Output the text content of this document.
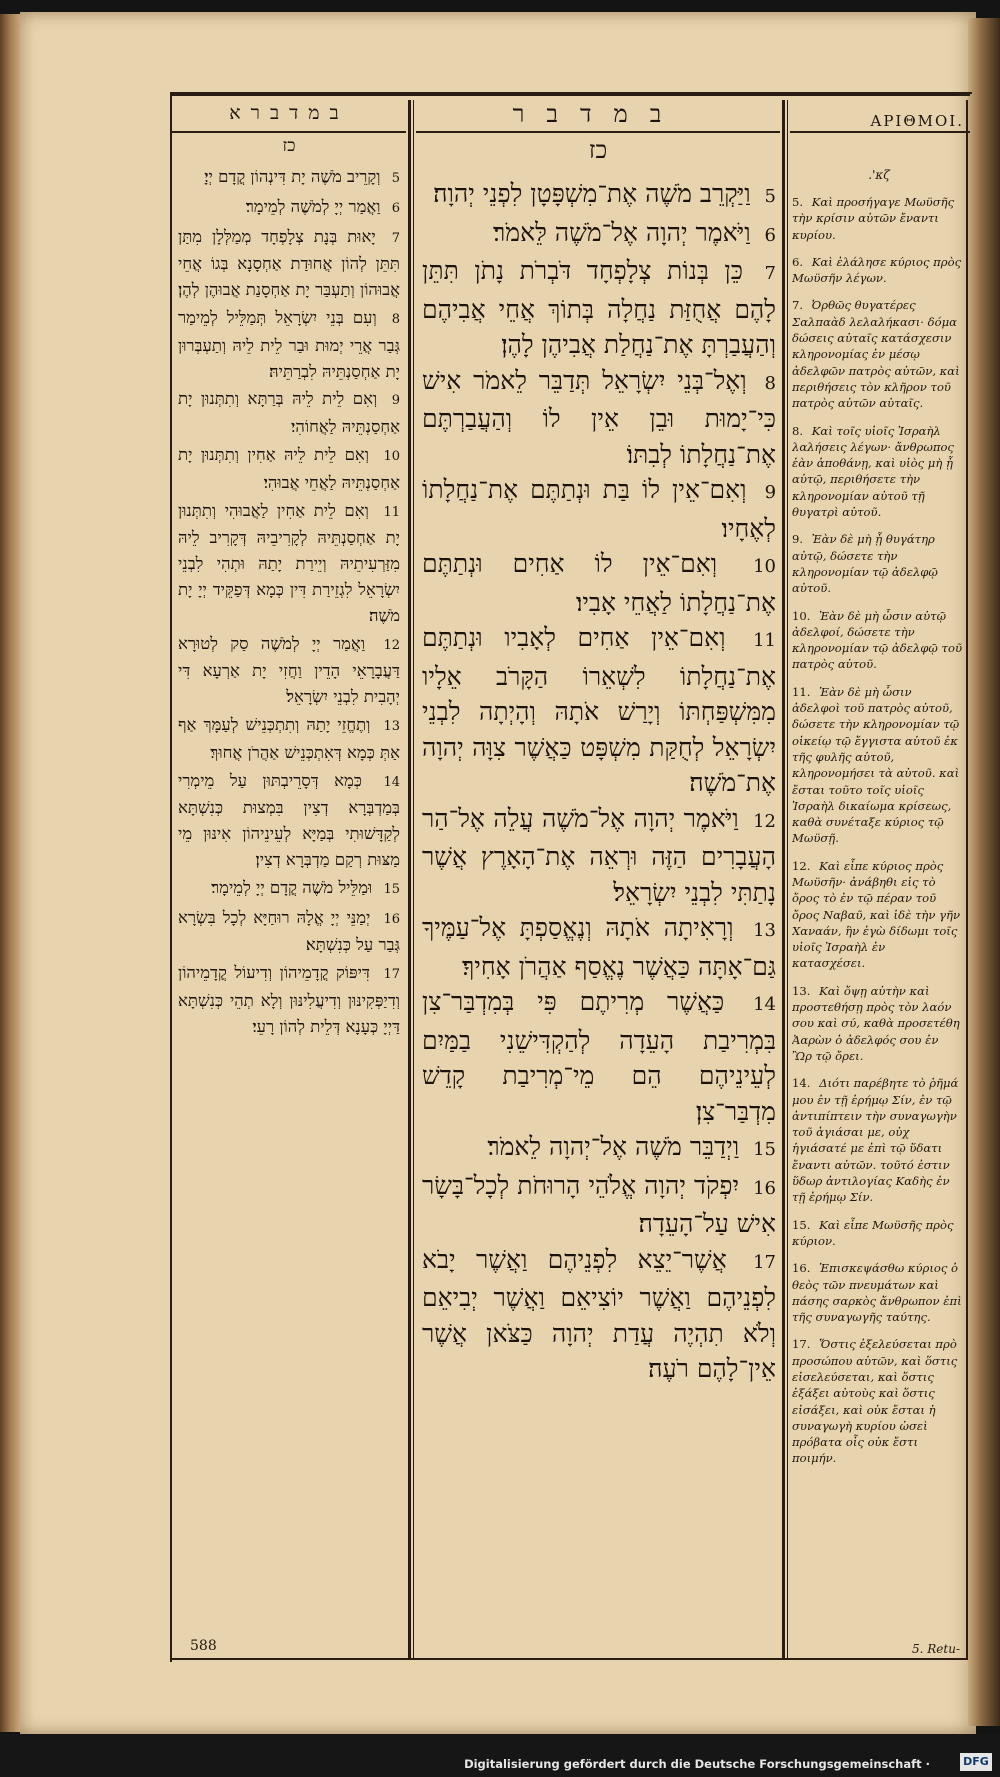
במדברא	במדבר	ΑΡΙΘΜΟΙ.
כז	כז
κζ'.

5 וְקָרֵיב מֹשֶׁה יָת דִּינְהוֹן קֳדָם יְיָ׃

6 וַאֲמַר יְיָ לְמֹשֶׁה לְמֵימָר׃

7 יָאוּת בְּנָת צְלָפְחָד מְמַלְּלָן מִתַּן תִּתֵּן לְהוֹן אֲחוּדַת אַחְסָנָא בְּגוֹ אֲחֵי אֲבוּהוֹן וְתַעְבַּר יָת אַחְסָנַת אֲבוּהֶן לְהֶן׃

8 וְעִם בְּנֵי יִשְׂרָאֵל תְּמַלֵּיל לְמֵימַר גְּבַר אֲרֵי יְמוּת וּבַר לֵית לֵיהּ וְתַעְבְּרוּן יָת אַחְסַנְתֵּיהּ לִבְרַתֵּיהּ׃

9 וְאִם לֵית לֵיהּ בְּרַתָּא וְתִתְּנוּן יָת אַחְסַנְתֵּיהּ לַאֲחוֹהִי׃

10 וְאִם לֵית לֵיהּ אַחִין וְתִתְּנוּן יָת אַחְסַנְתֵּיהּ לַאֲחֵי אֲבוּהִי׃

11 וְאִם לֵית אַחִין לַאֲבוּהִי וְתִתְּנוּן יָת אַחְסַנְתֵּיהּ לְקָרִיבֵיהּ דְּקָרִיב לֵיהּ מִזַּרְעִיתֵיהּ וְיֵירַת יָתַהּ וּתְהִי לִבְנֵי יִשְׂרָאֵל לִגְזֵירַת דִּין כְּמָא דְּפַקֵּיד יְיָ יָת מֹשֶׁה׃

12 וַאֲמַר יְיָ לְמֹשֶׁה סַק לְטוּרָא דַּעֲבָרָאֵי הָדֵין וַחֲזִי יָת אַרְעָא דִּי יְהָבִית לִבְנֵי יִשְׂרָאֵל׃

13 וְתֶחֱזֵי יָתַהּ וְתִתְכְּנֵישׁ לְעַמָּךְ אַף אַתְּ כְּמָא דְּאִתְכְּנֵישׁ אַהֲרֹן אֲחוּךְ׃

14 כְּמָא דְּסָרֵיבְתּוּן עַל מֵימְרִי בְּמַדְבְּרָא דְצִין בִּמְצוּת כְּנִשְׁתָּא לְקַדָּשׁוּתִי בְּמַיָּא לְעֵינֵיהוֹן אִינּוּן מֵי מַצּוּת רְקַם מַדְבְּרָא דְצִין׃

15 וּמַלֵּיל מֹשֶׁה קֳדָם יְיָ לְמֵימָר׃

16 יְמַנֵּי יְיָ אֱלָהּ רוּחַיָּא לְכָל בִּשְׂרָא גְּבַר עַל כְּנִשְׁתָּא׃

17 דִּיפּוֹק קֳדָמֵיהוֹן וְדִיעוֹל קֳדָמֵיהוֹן וְדִיַפְּקִינּוּן וְדִיעֲלִינּוּן וְלָא תְהֵי כְּנִשְׁתָּא דַּיְיָ כְּעָנָא דְּלֵית לְהוֹן רָעֵי׃

5 וַיַּקְרֵב מֹשֶׁה אֶת־מִשְׁפָּטָן לִפְנֵי יְהוָה׃

6 וַיֹּאמֶר יְהוָה אֶל־מֹשֶׁה לֵּאמֹר׃

7 כֵּן בְּנוֹת צְלָפְחָד דֹּבְרֹת נָתֹן תִּתֵּן לָהֶם אֲחֻזַּת נַחֲלָה בְּתוֹךְ אֲחֵי אֲבִיהֶם וְהַעֲבַרְתָּ אֶת־נַחֲלַת אֲבִיהֶן לָהֶן׃

8 וְאֶל־בְּנֵי יִשְׂרָאֵל תְּדַבֵּר לֵאמֹר אִישׁ כִּי־יָמוּת וּבֵן אֵין לוֹ וְהַעֲבַרְתֶּם אֶת־נַחֲלָתוֹ לְבִתּוֹ׃

9 וְאִם־אֵין לוֹ בַּת וּנְתַתֶּם אֶת־נַחֲלָתוֹ לְאֶחָיו׃

10 וְאִם־אֵין לוֹ אַחִים וּנְתַתֶּם אֶת־נַחֲלָתוֹ לַאֲחֵי אָבִיו׃

11 וְאִם־אֵין אַחִים לְאָבִיו וּנְתַתֶּם אֶת־נַחֲלָתוֹ לִשְׁאֵרוֹ הַקָּרֹב אֵלָיו מִמִּשְׁפַּחְתּוֹ וְיָרַשׁ אֹתָהּ וְהָיְתָה לִבְנֵי יִשְׂרָאֵל לְחֻקַּת מִשְׁפָּט כַּאֲשֶׁר צִוָּה יְהוָה אֶת־מֹשֶׁה׃

12 וַיֹּאמֶר יְהוָה אֶל־מֹשֶׁה עֲלֵה אֶל־הַר הָעֲבָרִים הַזֶּה וּרְאֵה אֶת־הָאָרֶץ אֲשֶׁר נָתַתִּי לִבְנֵי יִשְׂרָאֵל׃

13 וְרָאִיתָה אֹתָהּ וְנֶאֱסַפְתָּ אֶל־עַמֶּיךָ גַּם־אָתָּה כַּאֲשֶׁר נֶאֱסַף אַהֲרֹן אָחִיךָ׃

14 כַּאֲשֶׁר מְרִיתֶם פִּי בְּמִדְבַּר־צִן בִּמְרִיבַת הָעֵדָה לְהַקְדִּישֵׁנִי בַמַּיִם לְעֵינֵיהֶם הֵם מֵי־מְרִיבַת קָדֵשׁ מִדְבַּר־צִן׃

15 וַיְדַבֵּר מֹשֶׁה אֶל־יְהוָה לֵאמֹר׃

16 יִפְקֹד יְהוָה אֱלֹהֵי הָרוּחֹת לְכָל־בָּשָׂר אִישׁ עַל־הָעֵדָה׃

17 אֲשֶׁר־יֵצֵא לִפְנֵיהֶם וַאֲשֶׁר יָבֹא לִפְנֵיהֶם וַאֲשֶׁר יוֹצִיאֵם וַאֲשֶׁר יְבִיאֵם וְלֹא תִהְיֶה עֲדַת יְהוָה כַּצֹּאן אֲשֶׁר אֵין־לָהֶם רֹעֶה׃

5. Καὶ προσήγαγε Μωϋσῆς τὴν κρίσιν αὐτῶν ἔναντι κυρίου.

6. Καὶ ἐλάλησε κύριος πρὸς Μωϋσῆν λέγων.

7. Ὀρθῶς θυγατέρες Σαλπαὰδ λελαλήκασι· δόμα δώσεις αὐταῖς κατάσχεσιν κληρονομίας ἐν μέσῳ ἀδελφῶν πατρὸς αὐτῶν, καὶ περιθήσεις τὸν κλῆρον τοῦ πατρὸς αὐτῶν αὐταῖς.

8. Καὶ τοῖς υἱοῖς Ἰσραὴλ λαλήσεις λέγων· ἄνθρωπος ἐὰν ἀποθάνῃ, καὶ υἱὸς μὴ ᾖ αὐτῷ, περιθήσετε τὴν κληρονομίαν αὐτοῦ τῇ θυγατρὶ αὐτοῦ.

9. Ἐὰν δὲ μὴ ᾖ θυγάτηρ αὐτῷ, δώσετε τὴν κληρονομίαν τῷ ἀδελφῷ αὐτοῦ.

10. Ἐὰν δὲ μὴ ὦσιν αὐτῷ ἀδελφοί, δώσετε τὴν κληρονομίαν τῷ ἀδελφῷ τοῦ πατρὸς αὐτοῦ.

11. Ἐὰν δὲ μὴ ὦσιν ἀδελφοὶ τοῦ πατρὸς αὐτοῦ, δώσετε τὴν κληρονομίαν τῷ οἰκείῳ τῷ ἔγγιστα αὐτοῦ ἐκ τῆς φυλῆς αὐτοῦ, κληρονομήσει τὰ αὐτοῦ. καὶ ἔσται τοῦτο τοῖς υἱοῖς Ἰσραὴλ δικαίωμα κρίσεως, καθὰ συνέταξε κύριος τῷ Μωϋσῇ.

12. Καὶ εἶπε κύριος πρὸς Μωϋσῆν· ἀνάβηθι εἰς τὸ ὄρος τὸ ἐν τῷ πέραν τοῦ ὄρος Ναβαῦ, καὶ ἰδὲ τὴν γῆν Χαναάν, ἣν ἐγὼ δίδωμι τοῖς υἱοῖς Ἰσραὴλ ἐν κατασχέσει.

13. Καὶ ὄψῃ αὐτὴν καὶ προστεθήσῃ πρὸς τὸν λαόν σου καὶ σύ, καθὰ προσετέθη Ἀαρὼν ὁ ἀδελφός σου ἐν Ὢρ τῷ ὄρει.

14. Διότι παρέβητε τὸ ῥῆμά μου ἐν τῇ ἐρήμῳ Σίν, ἐν τῷ ἀντιπίπτειν τὴν συναγωγὴν τοῦ ἁγιάσαι με, οὐχ ἡγιάσατέ με ἐπὶ τῷ ὕδατι ἔναντι αὐτῶν. τοῦτό ἐστιν ὕδωρ ἀντιλογίας Καδὴς ἐν τῇ ἐρήμῳ Σίν.

15. Καὶ εἶπε Μωϋσῆς πρὸς κύριον.

16. Ἐπισκεψάσθω κύριος ὁ θεὸς τῶν πνευμάτων καὶ πάσης σαρκὸς ἄνθρωπον ἐπὶ τῆς συναγωγῆς ταύτης.

17. Ὅστις ἐξελεύσεται πρὸ προσώπου αὐτῶν, καὶ ὅστις εἰσελεύσεται, καὶ ὅστις ἐξάξει αὐτοὺς καὶ ὅστις εἰσάξει, καὶ οὐκ ἔσται ἡ συναγωγὴ κυρίου ὡσεὶ πρόβατα οἷς οὐκ ἔστι ποιμήν.

588	5. Retu-
Digitalisierung gefördert durch die Deutsche Forschungsgemeinschaft ·	DFG
